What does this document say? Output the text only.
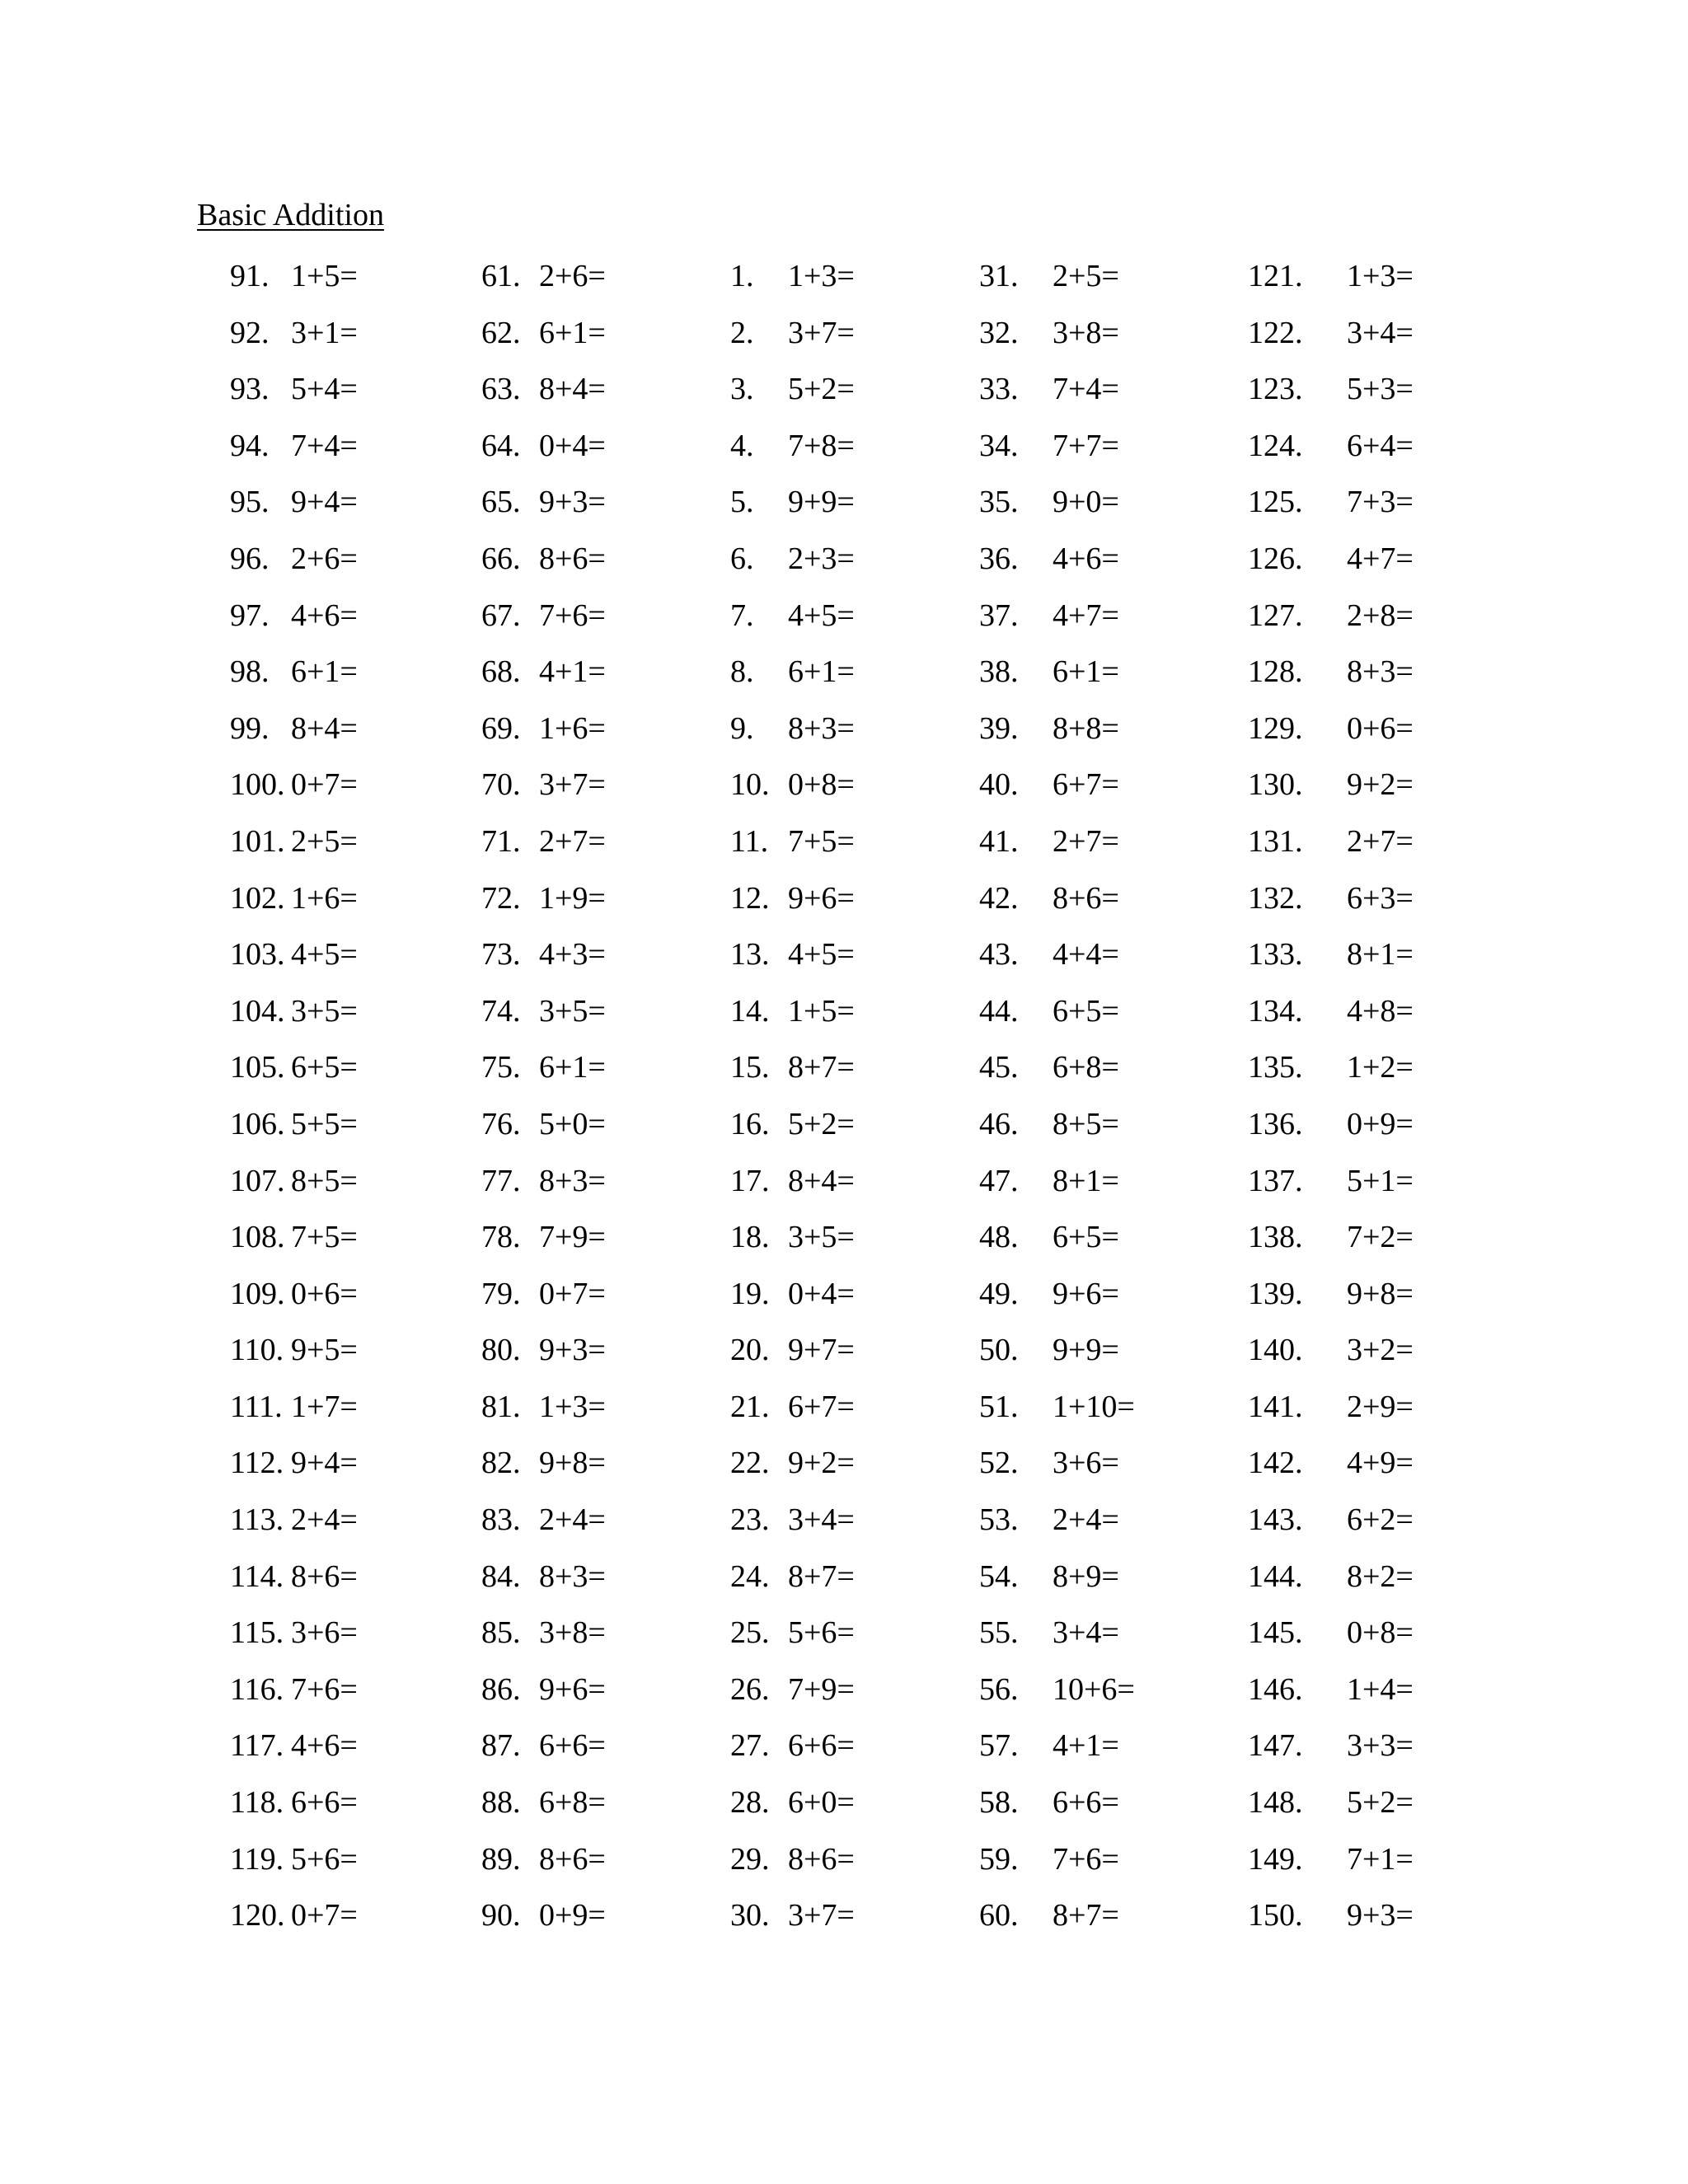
Basic Addition
91. 1+5=
92. 3+1=
93. 5+4=
94. 7+4=
95. 9+4=
96. 2+6=
97. 4+6=
98. 6+1=
99. 8+4=
100. 0+7=
101. 2+5=
102. 1+6=
103. 4+5=
104. 3+5=
105. 6+5=
106. 5+5=
107. 8+5=
108. 7+5=
109. 0+6=
110. 9+5=
111. 1+7=
112. 9+4=
113. 2+4=
114. 8+6=
115. 3+6=
116. 7+6=
117. 4+6=
118. 6+6=
119. 5+6=
120. 0+7=
61. 2+6=
62. 6+1=
63. 8+4=
64. 0+4=
65. 9+3=
66. 8+6=
67. 7+6=
68. 4+1=
69. 1+6=
70. 3+7=
71. 2+7=
72. 1+9=
73. 4+3=
74. 3+5=
75. 6+1=
76. 5+0=
77. 8+3=
78. 7+9=
79. 0+7=
80. 9+3=
81. 1+3=
82. 9+8=
83. 2+4=
84. 8+3=
85. 3+8=
86. 9+6=
87. 6+6=
88. 6+8=
89. 8+6=
90. 0+9=
1. 1+3=
2. 3+7=
3. 5+2=
4. 7+8=
5. 9+9=
6. 2+3=
7. 4+5=
8. 6+1=
9. 8+3=
10. 0+8=
11. 7+5=
12. 9+6=
13. 4+5=
14. 1+5=
15. 8+7=
16. 5+2=
17. 8+4=
18. 3+5=
19. 0+4=
20. 9+7=
21. 6+7=
22. 9+2=
23. 3+4=
24. 8+7=
25. 5+6=
26. 7+9=
27. 6+6=
28. 6+0=
29. 8+6=
30. 3+7=
31. 2+5=
32. 3+8=
33. 7+4=
34. 7+7=
35. 9+0=
36. 4+6=
37. 4+7=
38. 6+1=
39. 8+8=
40. 6+7=
41. 2+7=
42. 8+6=
43. 4+4=
44. 6+5=
45. 6+8=
46. 8+5=
47. 8+1=
48. 6+5=
49. 9+6=
50. 9+9=
51. 1+10=
52. 3+6=
53. 2+4=
54. 8+9=
55. 3+4=
56. 10+6=
57. 4+1=
58. 6+6=
59. 7+6=
60. 8+7=
121. 1+3=
122. 3+4=
123. 5+3=
124. 6+4=
125. 7+3=
126. 4+7=
127. 2+8=
128. 8+3=
129. 0+6=
130. 9+2=
131. 2+7=
132. 6+3=
133. 8+1=
134. 4+8=
135. 1+2=
136. 0+9=
137. 5+1=
138. 7+2=
139. 9+8=
140. 3+2=
141. 2+9=
142. 4+9=
143. 6+2=
144. 8+2=
145. 0+8=
146. 1+4=
147. 3+3=
148. 5+2=
149. 7+1=
150. 9+3=
